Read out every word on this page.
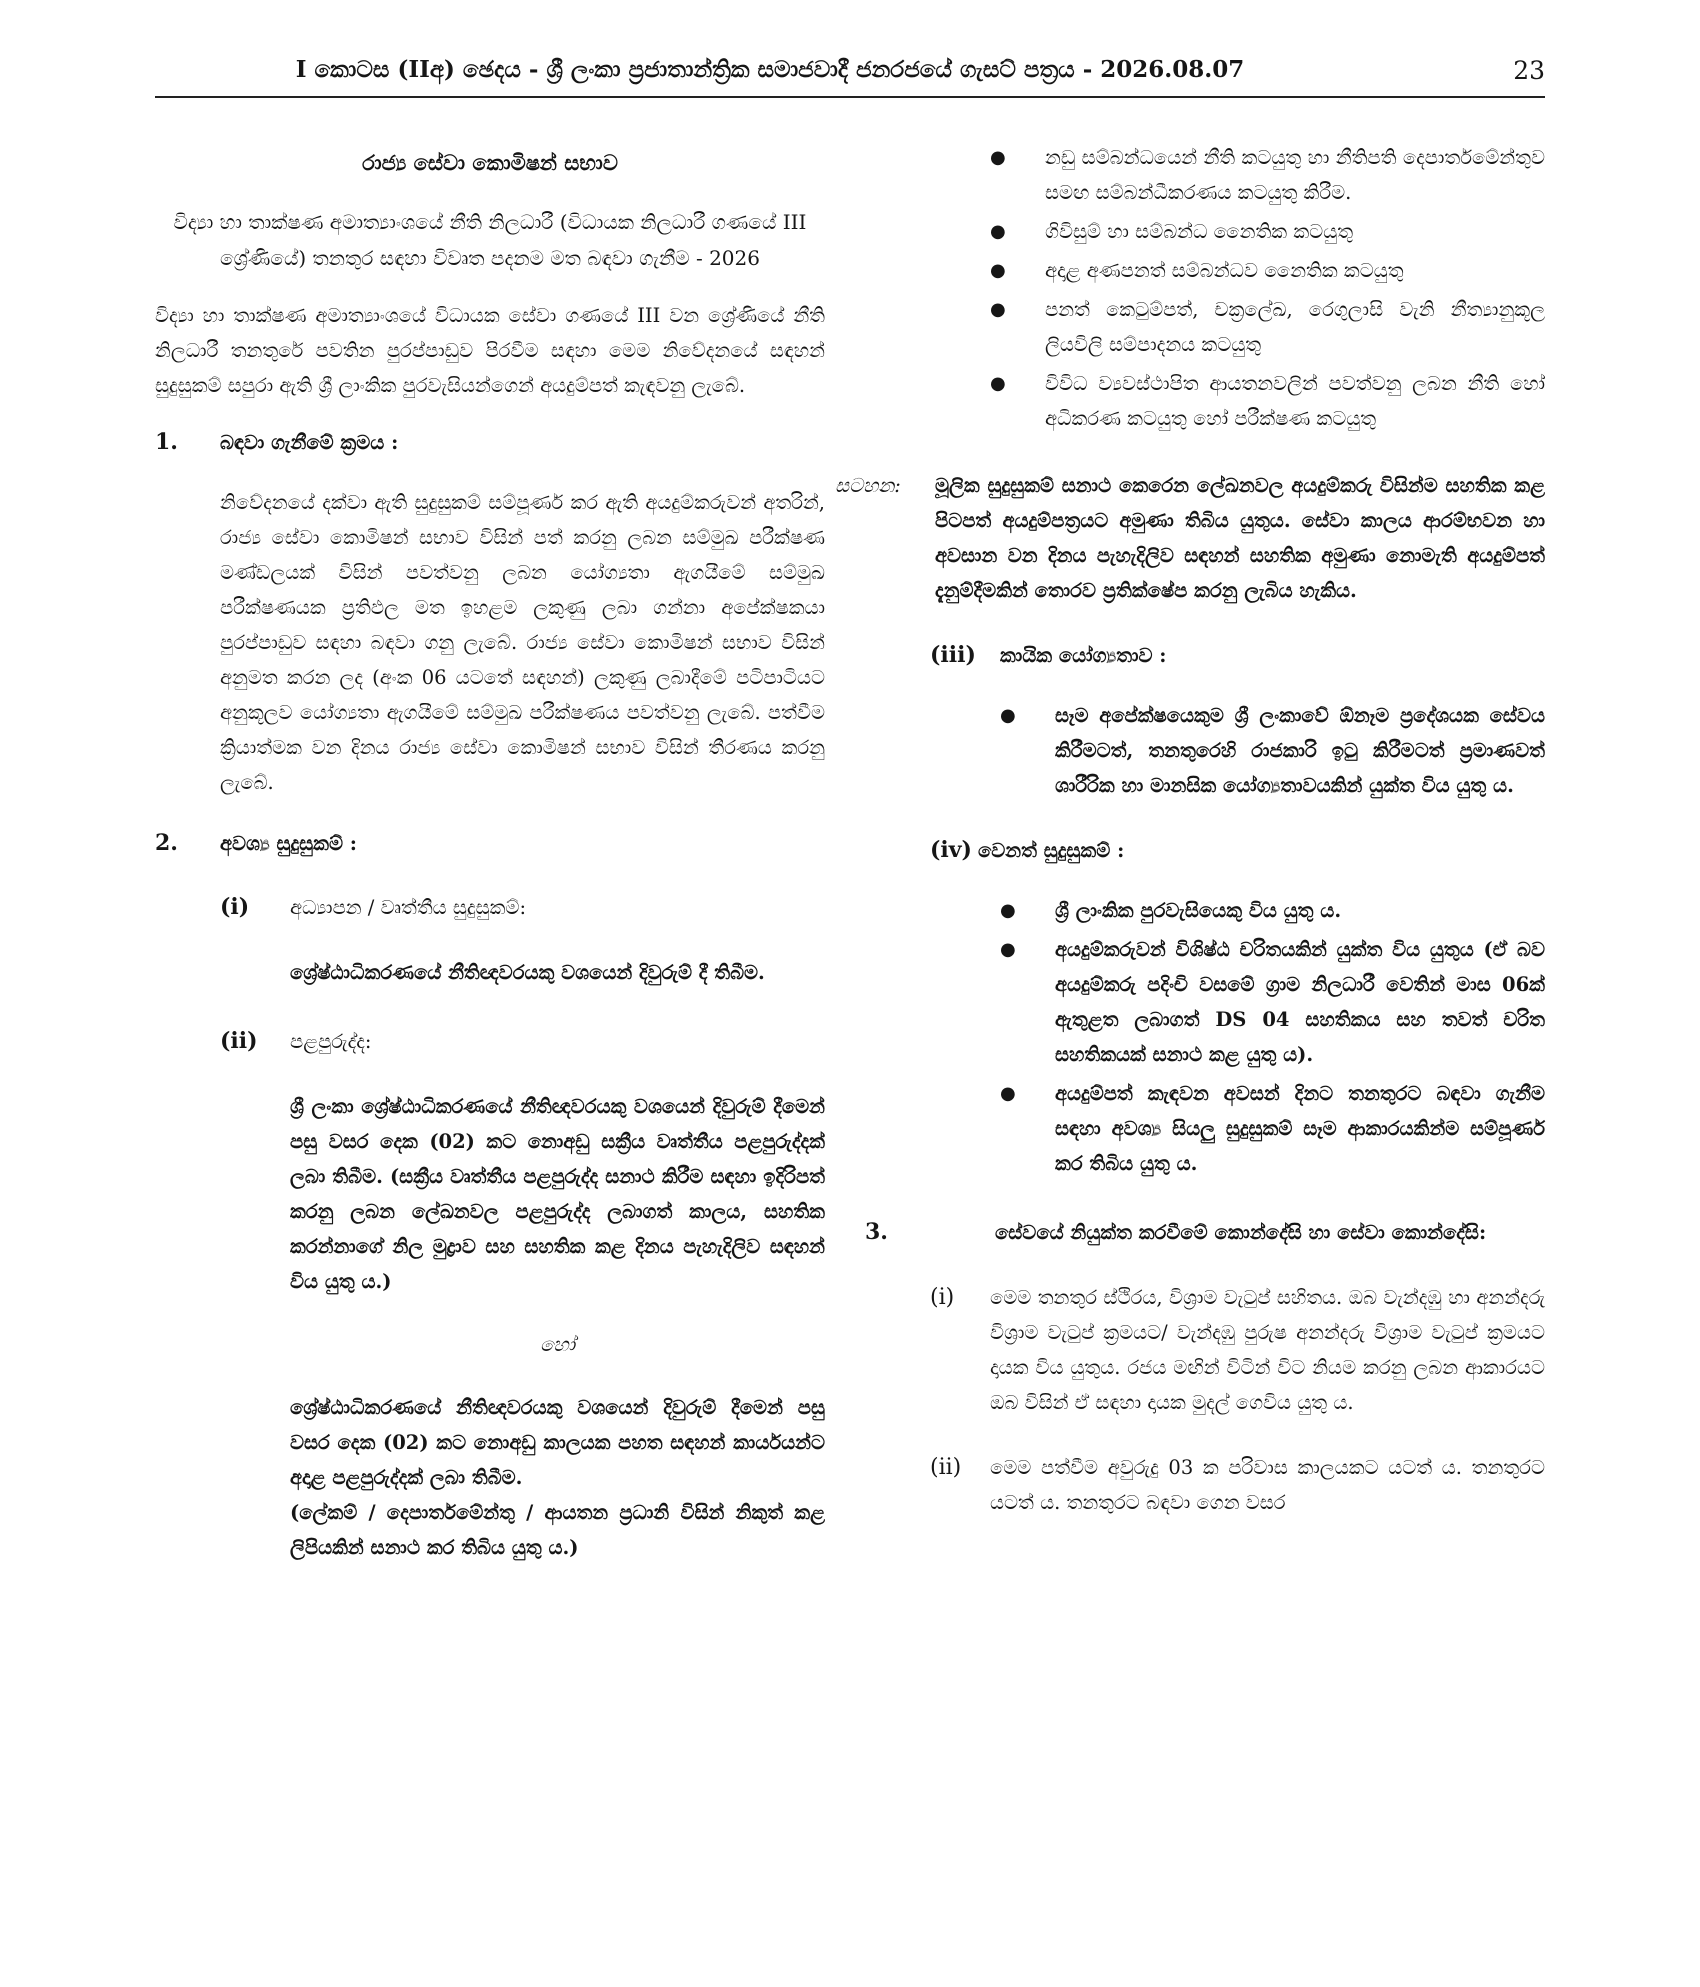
I කොටස (IIඅ) ඡෙදය - ශ්‍රී ලංකා ප්‍රජාතාන්ත්‍රික සමාජවාදී ජනරජයේ ගැසට් පත්‍රය - 2026.08.07	23

රාජ්‍ය සේවා කොමිෂන් සභාව

විද්‍යා හා තාක්ෂණ අමාත්‍යාංශයේ නීති නිලධාරී (විධායක නිලධාරී ගණයේ III ශ්‍රේණියේ) තනතුර සඳහා විවෘත පදනම මත බඳවා ගැනීම - 2026

විද්‍යා හා තාක්ෂණ අමාත්‍යාංශයේ විධායක සේවා ගණයේ III වන ශ්‍රේණියේ නීති නිලධාරී තනතුරේ පවතින පුරප්පාඩුව පිරවීම සඳහා මෙම නිවේදනයේ සඳහන් සුදුසුකම් සපුරා ඇති ශ්‍රී ලාංකික පුරවැසියන්ගෙන් අයදුම්පත් කැඳවනු ලැබේ.

1.	බඳවා ගැනීමේ ක්‍රමය :

නිවේදනයේ දක්වා ඇති සුදුසුකම් සම්පූර්ණ කර ඇති අයදුම්කරුවන් අතරින්, රාජ්‍ය සේවා කොමිෂන් සභාව විසින් පත් කරනු ලබන සම්මුඛ පරීක්ෂණ මණ්ඩලයක් විසින් පවත්වනු ලබන යෝග්‍යතා ඇගයීමේ සම්මුඛ පරීක්ෂණයක ප්‍රතිඵල මත ඉහළම ලකුණු ලබා ගන්නා අපේක්ෂකයා පුරප්පාඩුව සඳහා බඳවා ගනු ලැබේ. රාජ්‍ය සේවා කොමිෂන් සභාව විසින් අනුමත කරන ලද (අංක 06 යටතේ සඳහන්) ලකුණු ලබාදීමේ පටිපාටියට අනුකූලව යෝග්‍යතා ඇගයීමේ සම්මුඛ පරීක්ෂණය පවත්වනු ලැබේ. පත්වීම ක්‍රියාත්මක වන දිනය රාජ්‍ය සේවා කොමිෂන් සභාව විසින් තීරණය කරනු ලැබේ.

2.	අවශ්‍ය සුදුසුකම් :
(i)	අධ්‍යාපන / වෘත්තීය සුදුසුකම්:

ශ්‍රේෂ්ඨාධිකරණයේ නීතිඥවරයකු වශයෙන් දිවුරුම් දී තිබීම.

(ii)	පළපුරුද්ද:

ශ්‍රී ලංකා ශ්‍රේෂ්ඨාධිකරණයේ නීතිඥවරයකු වශයෙන් දිවුරුම් දීමෙන් පසු වසර දෙක (02) කට නොඅඩු සක්‍රීය වෘත්තීය පළපුරුද්දක් ලබා තිබීම. (සක්‍රීය වෘත්තීය පළපුරුද්ද සනාථ කිරීම සඳහා ඉදිරිපත් කරනු ලබන ලේඛනවල පළපුරුද්ද ලබාගත් කාලය, සහතික කරන්නාගේ නිල මුද්‍රාව සහ සහතික කළ දිනය පැහැදිලිව සඳහන් විය යුතු ය.)

හෝ

ශ්‍රේෂ්ඨාධිකරණයේ නීතිඥවරයකු වශයෙන් දිවුරුම් දීමෙන් පසු වසර දෙක (02) කට නොඅඩු කාලයක පහත සඳහන් කාර්යයන්ට අදාළ පළපුරුද්දක් ලබා තිබීම.

(ලේකම් / දෙපාර්තමේන්තු / ආයතන ප්‍රධානි විසින් නිකුත් කළ ලිපියකින් සනාථ කර තිබිය යුතු ය.)

● නඩු සම්බන්ධයෙන් නීති කටයුතු හා නීතිපති දෙපාර්තමේන්තුව සමඟ සම්බන්ධීකරණය කටයුතු කිරීම.
● ගිවිසුම් හා සම්බන්ධ නෛතික කටයුතු
● අදාළ අණපනත් සම්බන්ධව නෛතික කටයුතු
● පනත් කෙටුම්පත්, චක්‍රලේඛ, රෙගුලාසි වැනි නීත්‍යානුකූල ලියවිලි සම්පාදනය කටයුතු
● විවිධ ව්‍යවස්ථාපිත ආයතනවලින් පවත්වනු ලබන නීති හෝ අධිකරණ කටයුතු හෝ පරීක්ෂණ කටයුතු
සටහන:	මූලික සුදුසුකම් සනාථ කෙරෙන ලේඛනවල අයදුම්කරු විසින්ම සහතික කළ පිටපත් අයදුම්පත්‍රයට අමුණා තිබිය යුතුය. සේවා කාලය ආරම්භවන හා අවසාන වන දිනය පැහැදිලිව සඳහන් සහතික අමුණා නොමැති අයදුම්පත් දැනුම්දීමකින් තොරව ප්‍රතික්ෂේප කරනු ලැබිය හැකිය.
(iii)	කායික යෝග්‍යතාව :
● සෑම අපේක්ෂයෙකුම ශ්‍රී ලංකාවේ ඕනෑම ප්‍රදේශයක සේවය කිරීමටත්, තනතුරෙහි රාජකාරි ඉටු කිරීමටත් ප්‍රමාණවත් ශාරීරික හා මානසික යෝග්‍යතාවයකින් යුක්ත විය යුතු ය.
(iv) වෙනත් සුදුසුකම් :
● ශ්‍රී ලාංකික පුරවැසියෙකු විය යුතු ය.
● අයදුම්කරුවන් විශිෂ්ඨ චරිතයකින් යුක්ත විය යුතුය (ඒ බව අයදුම්කරු පදිංචි වසමේ ග්‍රාම නිලධාරී වෙතින් මාස 06ක් ඇතුළත ලබාගත් DS 04 සහතිකය සහ තවත් චරිත සහතිකයක් සනාථ කළ යුතු ය).
● අයදුම්පත් කැඳවන අවසන් දිනට තනතුරට බඳවා ගැනීම සඳහා අවශ්‍ය සියලු සුදුසුකම් සෑම ආකාරයකින්ම සම්පූර්ණ කර තිබිය යුතු ය.
3.	සේවයේ නියුක්ත කරවීමේ කොන්දේසි හා සේවා කොන්දේසි:
(i)	මෙම තනතුර ස්ථිරය, විශ්‍රාම වැටුප් සහිතය. ඔබ වැන්දඹු හා අනන්දරු විශ්‍රාම වැටුප් ක්‍රමයට/ වැන්දඹු පුරුෂ අනන්දරු විශ්‍රාම වැටුප් ක්‍රමයට දායක විය යුතුය. රජය මඟින් විටින් විට නියම කරනු ලබන ආකාරයට ඔබ විසින් ඒ සඳහා දායක මුදල් ගෙවිය යුතු ය.
(ii)	මෙම පත්වීම අවුරුදු 03 ක පරිවාස කාලයකට යටත් ය. තනතුරට යටත් ය. තනතුරට බඳවා ගෙන වසර
